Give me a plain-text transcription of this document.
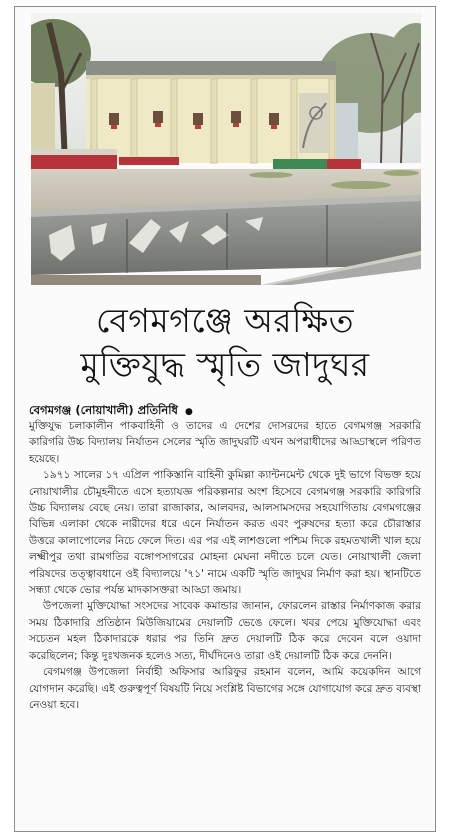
বেগমগঞ্জে অরক্ষিত
মুক্তিযুদ্ধ স্মৃতি জাদুঘর
বেগমগঞ্জ (নোয়াখালী) প্রতিনিধি ●

মুক্তিযুদ্ধ চলাকালীন পাকবাহিনী ও তাদের এ দেশের দোসরদের হাতে বেগমগঞ্জ সরকারি কারিগরি উচ্চ বিদ্যালয় নির্যাতন সেলের স্মৃতি জাদুঘরটি এখন অপরাধীদের আড্ডাস্থলে পরিণত হয়েছে।

১৯৭১ সালের ১৭ এপ্রিল পাকিস্তানি বাহিনী কুমিল্লা ক্যান্টনমেন্ট থেকে দুই ভাগে বিভক্ত হয়ে নোয়াখালীর চৌমুহনীতে এসে হত্যাযজ্ঞ পরিকল্পনার অংশ হিসেবে বেগমগঞ্জ সরকারি কারিগরি উচ্চ বিদ্যালয় বেছে নেয়। তারা রাজাকার, আলবদর, আলসামসদের সহযোগিতায় বেগমগঞ্জের বিভিন্ন এলাকা থেকে নারীদের ধরে এনে নির্যাতন করত এবং পুরুষদের হত্যা করে চৌরাস্তার উত্তরে কালাপোলের নিচে ফেলে দিত। এর পর এই লাশগুলো পশ্চিম দিকে রহমতখালী খাল হয়ে লক্ষ্মীপুর তথা রামগতির বঙ্গোপসাগরের মোহনা মেঘনা নদীতে চলে যেত। নোয়াখালী জেলা পরিষদের তত্ত্বাবধানে ওই বিদ্যালয়ে '৭১' নামে একটি স্মৃতি জাদুঘর নির্মাণ করা হয়। স্থানটিতে সন্ধ্যা থেকে ভোর পর্যন্ত মাদকাসক্তরা আড্ডা জমায়।

উপজেলা মুক্তিযোদ্ধা সংসদের সাবেক কমান্ডার জানান, ফোরলেন রাস্তার নির্মাণকাজ করার সময় ঠিকাদারি প্রতিষ্ঠান মিউজিয়ামের দেয়ালটি ভেঙে ফেলে। খবর পেয়ে মুক্তিযোদ্ধা এবং সচেতন মহল ঠিকাদারকে ধরার পর তিনি দ্রুত দেয়ালটি ঠিক করে দেবেন বলে ওয়াদা করেছিলেন; কিন্তু দুঃখজনক হলেও সত্য, দীর্ঘদিনেও তারা ওই দেয়ালটি ঠিক করে দেননি।

বেগমগঞ্জ উপজেলা নির্বাহী অফিসার আরিফুর রহমান বলেন, আমি কয়েকদিন আগে যোগদান করেছি। এই গুরুত্বপূর্ণ বিষয়টি নিয়ে সংশ্লিষ্ট বিভাগের সঙ্গে যোগাযোগ করে দ্রুত ব্যবস্থা নেওয়া হবে।
